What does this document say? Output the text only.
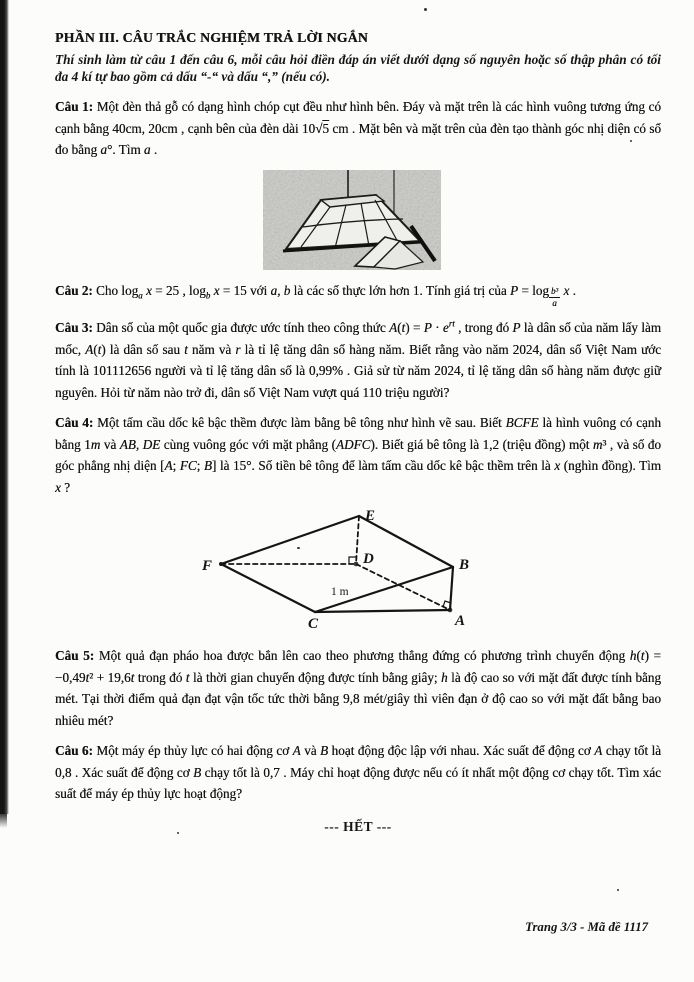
PHẦN III. CÂU TRẮC NGHIỆM TRẢ LỜI NGẮN
Thí sinh làm từ câu 1 đến câu 6, mỗi câu hỏi điền đáp án viết dưới dạng số nguyên hoặc số thập phân có tối đa 4 kí tự bao gồm cả dấu “-“ và dấu “,” (nếu có).

Câu 1: Một đèn thả gỗ có dạng hình chóp cụt đều như hình bên. Đáy và mặt trên là các hình vuông tương ứng có cạnh bằng 40cm, 20cm , cạnh bên của đèn dài 10√5 cm . Mặt bên và mặt trên của đèn tạo thành góc nhị diện có số đo bằng a°. Tìm a .

Câu 2: Cho $\log_a x = 25$ , $\log_b x = 15$ với a, b là các số thực lớn hơn 1. Tính giá trị của $P = \log \frac{\text{b³}}{a}$ x .

Câu 3: Dân số của một quốc gia được ước tính theo công thức $A(t) = P \cdot e^{rt}$ , trong đó P là dân số của năm lấy làm mốc, A(t) là dân số sau t năm và r là tỉ lệ tăng dân số hàng năm. Biết rằng vào năm 2024, dân số Việt Nam ước tính là 101112656 người và tỉ lệ tăng dân số là 0,99% . Giả sử từ năm 2024, tỉ lệ tăng dân số hàng năm được giữ nguyên. Hỏi từ năm nào trở đi, dân số Việt Nam vượt quá 110 triệu người?

Câu 4: Một tấm cầu dốc kê bậc thềm được làm bằng bê tông như hình vẽ sau. Biết BCFE là hình vuông có cạnh bằng 1m và AB, DE cùng vuông góc với mặt phẳng (ADFC). Biết giá bê tông là 1,2 (triệu đồng) một m³ , và số đo góc phẳng nhị diện [A; FC; B] là 15°. Số tiền bê tông để làm tấm cầu dốc kê bậc thềm trên là x (nghìn đồng). Tìm x ?

E
F	D	B
C	A
1 m

Câu 5: Một quả đạn pháo hoa được bắn lên cao theo phương thẳng đứng có phương trình chuyển động h(t) = −0,49t² + 19,6t trong đó t là thời gian chuyển động được tính bằng giây; h là độ cao so với mặt đất được tính bằng mét. Tại thời điểm quả đạn đạt vận tốc tức thời bằng 9,8 mét/giây thì viên đạn ở độ cao so với mặt đất bằng bao nhiêu mét?

Câu 6: Một máy ép thủy lực có hai động cơ A và B hoạt động độc lập với nhau. Xác suất để động cơ A chạy tốt là 0,8 . Xác suất để động cơ B chạy tốt là 0,7 . Máy chỉ hoạt động được nếu có ít nhất một động cơ chạy tốt. Tìm xác suất để máy ép thủy lực hoạt động?

--- HẾT ---
Trang 3/3 - Mã đề 1117
